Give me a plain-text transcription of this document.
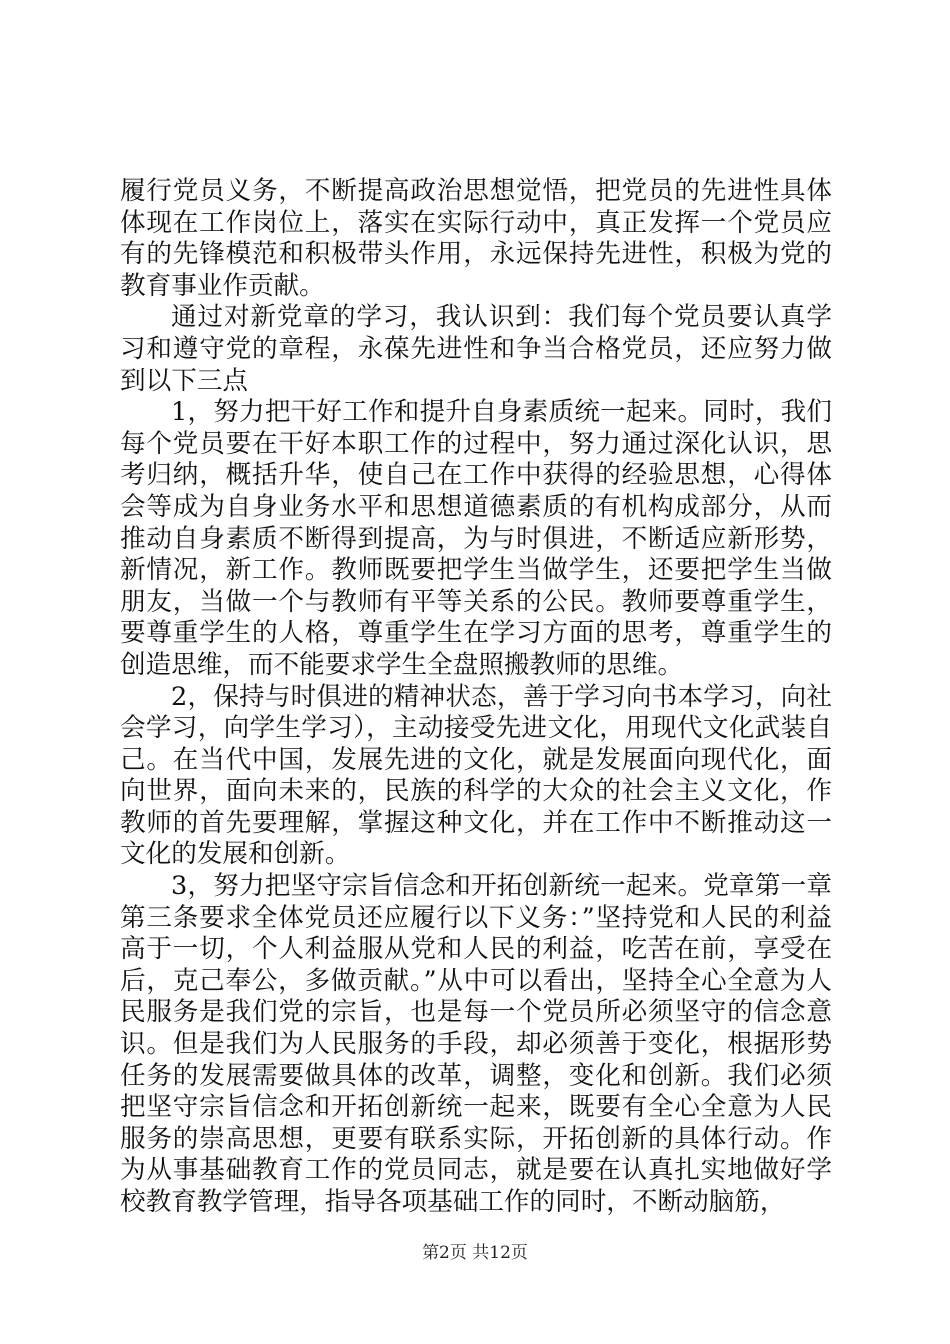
履行党员义务，不断提高政治思想觉悟，把党员的先进性具体体现在工作岗位上，落实在实际行动中，真正发挥一个党员应有的先锋模范和积极带头作用，永远保持先进性，积极为党的教育事业作贡献。

通过对新党章的学习，我认识到：我们每个党员要认真学习和遵守党的章程，永葆先进性和争当合格党员，还应努力做到以下三点

1，努力把干好工作和提升自身素质统一起来。同时，我们每个党员要在干好本职工作的过程中，努力通过深化认识，思考归纳，概括升华，使自己在工作中获得的经验思想，心得体会等成为自身业务水平和思想道德素质的有机构成部分，从而推动自身素质不断得到提高，为与时俱进，不断适应新形势，新情况，新工作。教师既要把学生当做学生，还要把学生当做朋友，当做一个与教师有平等关系的公民。教师要尊重学生，要尊重学生的人格，尊重学生在学习方面的思考，尊重学生的创造思维，而不能要求学生全盘照搬教师的思维。

2，保持与时俱进的精神状态，善于学习向书本学习，向社会学习，向学生学习），主动接受先进文化，用现代文化武装自己。在当代中国，发展先进的文化，就是发展面向现代化，面向世界，面向未来的，民族的科学的大众的社会主义文化，作教师的首先要理解，掌握这种文化，并在工作中不断推动这一文化的发展和创新。

3，努力把坚守宗旨信念和开拓创新统一起来。党章第一章第三条要求全体党员还应履行以下义务：”坚持党和人民的利益高于一切，个人利益服从党和人民的利益，吃苦在前，享受在后，克己奉公，多做贡献。”从中可以看出，坚持全心全意为人民服务是我们党的宗旨，也是每一个党员所必须坚守的信念意识。但是我们为人民服务的手段，却必须善于变化，根据形势任务的发展需要做具体的改革，调整，变化和创新。我们必须把坚守宗旨信念和开拓创新统一起来，既要有全心全意为人民服务的崇高思想，更要有联系实际，开拓创新的具体行动。作为从事基础教育工作的党员同志，就是要在认真扎实地做好学校教育教学管理，指导各项基础工作的同时，不断动脑筋，

第2页 共12页
